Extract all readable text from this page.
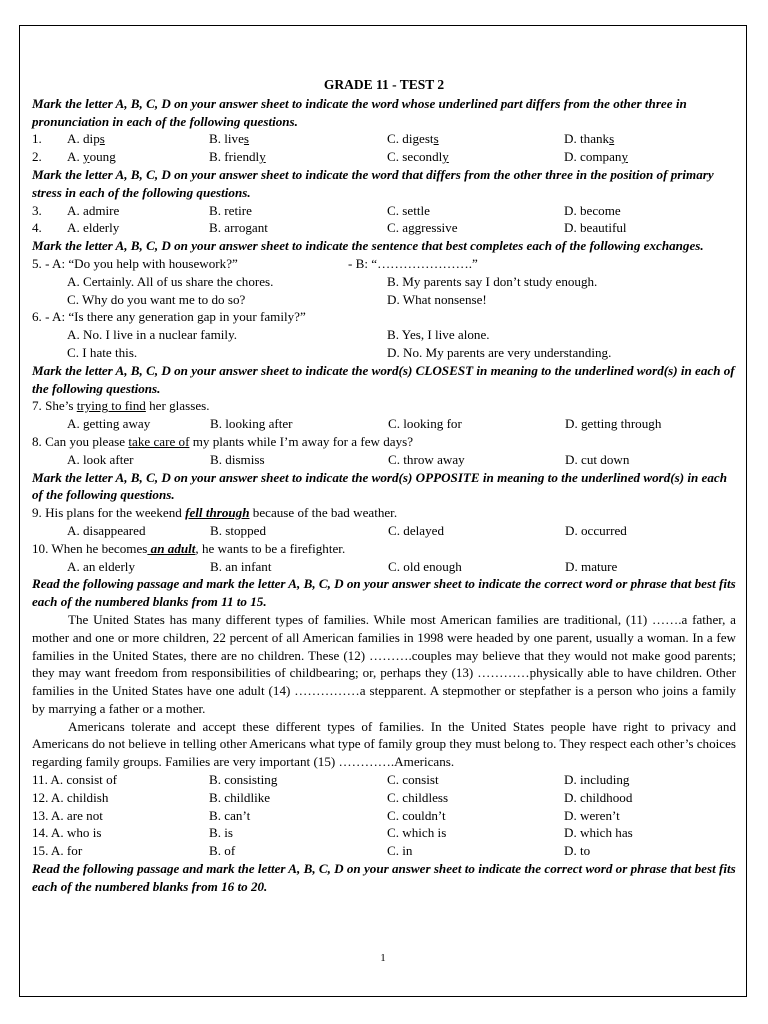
GRADE 11 - TEST 2
Mark the letter A, B, C, D on your answer sheet to indicate the word whose underlined part differs from the other three in pronunciation in each of the following questions.
1.	A. dips	B. lives	C. digests	D. thanks
2.	A. young	B. friendly	C. secondly	D. company
Mark the letter A, B, C, D on your answer sheet to indicate the word that differs from the other three in the position of primary stress in each of the following questions.
3.	A. admire	B. retire	C. settle	D. become
4.	A. elderly	B. arrogant	C. aggressive	D. beautiful
Mark the letter A, B, C, D on your answer sheet to indicate the sentence that best completes each of the following exchanges.
5. - A: “Do you help with housework?”	- B: “………………….”
A. Certainly. All of us share the chores.	B. My parents say I don’t study enough.
C. Why do you want me to do so?	D. What nonsense!
6. - A: “Is there any generation gap in your family?”
A. No. I live in a nuclear family.	B. Yes, I live alone.
C. I hate this.	D. No. My parents are very understanding.
Mark the letter A, B, C, D on your answer sheet to indicate the word(s) CLOSEST in meaning to the underlined word(s) in each of the following questions.
7. She’s trying to find her glasses.
A. getting away	B. looking after	C. looking for	D. getting through
8. Can you please take care of my plants while I’m away for a few days?
A. look after	B. dismiss	C. throw away	D. cut down
Mark the letter A, B, C, D on your answer sheet to indicate the word(s) OPPOSITE in meaning to the underlined word(s) in each of the following questions.
9. His plans for the weekend fell through because of the bad weather.
A. disappeared	B. stopped	C. delayed	D. occurred
10. When he becomes an adult, he wants to be a firefighter.
A. an elderly	B. an infant	C. old enough	D. mature
Read the following passage and mark the letter A, B, C, D on your answer sheet to indicate the correct word or phrase that best fits each of the numbered blanks from 11 to 15.
The United States has many different types of families. While most American families are traditional, (11) …….a father, a mother and one or more children, 22 percent of all American families in 1998 were headed by one parent, usually a woman. In a few families in the United States, there are no children. These (12) ……….couples may believe that they would not make good parents; they may want freedom from responsibilities of childbearing; or, perhaps they (13) …………physically able to have children. Other families in the United States have one adult (14) ……………a stepparent. A stepmother or stepfather is a person who joins a family by marrying a father or a mother.
Americans tolerate and accept these different types of families. In the United States people have right to privacy and Americans do not believe in telling other Americans what type of family group they must belong to. They respect each other’s choices regarding family groups. Families are very important (15) ………….Americans.
11. A. consist of	B. consisting	C. consist	D. including
12. A. childish	B. childlike	C. childless	D. childhood
13. A. are not	B. can’t	C. couldn’t	D. weren’t
14. A. who is	B. is	C. which is	D. which has
15. A. for	B. of	C. in	D. to
Read the following passage and mark the letter A, B, C, D on your answer sheet to indicate the correct word or phrase that best fits each of the numbered blanks from 16 to 20.
1
